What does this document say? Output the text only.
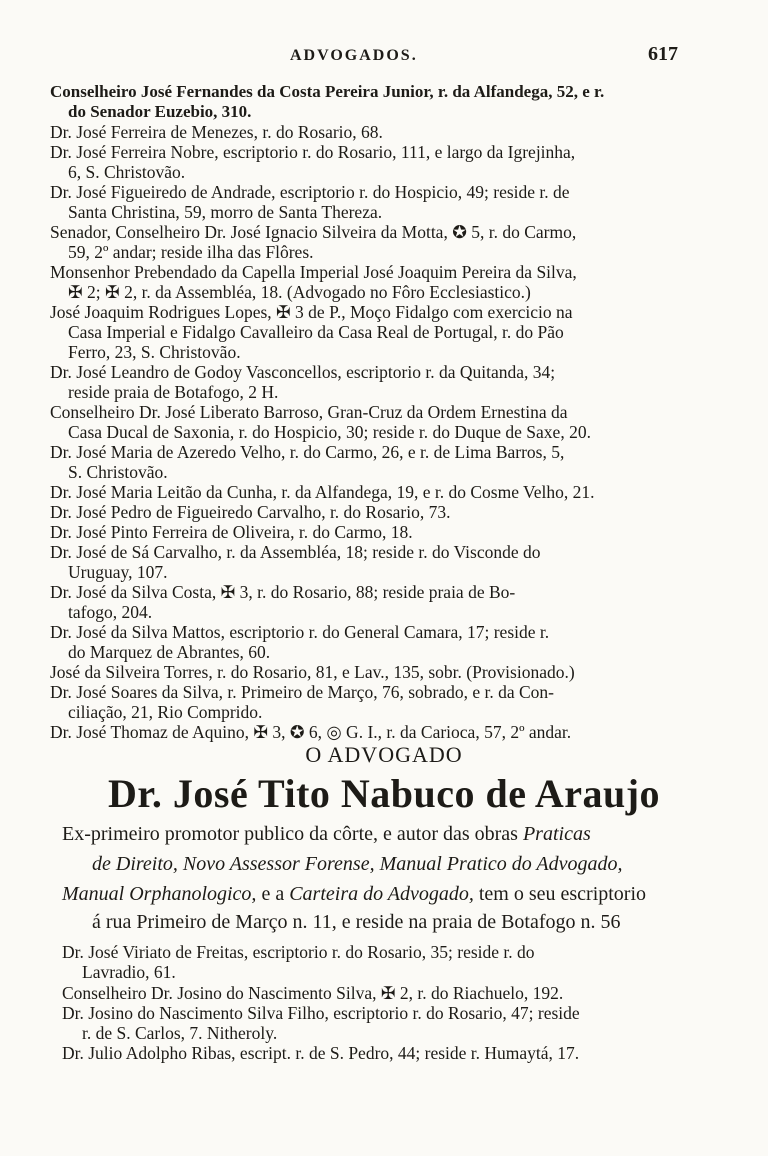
ADVOGADOS.	617
Conselheiro José Fernandes da Costa Pereira Junior, r. da Alfandega, 52, e r.
do Senador Euzebio, 310.
Dr. José Ferreira de Menezes, r. do Rosario, 68.
Dr. José Ferreira Nobre, escriptorio r. do Rosario, 111, e largo da Igrejinha,
6, S. Christovão.
Dr. José Figueiredo de Andrade, escriptorio r. do Hospicio, 49; reside r. de
Santa Christina, 59, morro de Santa Thereza.
Senador, Conselheiro Dr. José Ignacio Silveira da Motta, ✪ 5, r. do Carmo,
59, 2º andar; reside ilha das Flôres.
Monsenhor Prebendado da Capella Imperial José Joaquim Pereira da Silva,
✠ 2; ✠ 2, r. da Assembléa, 18. (Advogado no Fôro Ecclesiastico.)
José Joaquim Rodrigues Lopes, ✠ 3 de P., Moço Fidalgo com exercicio na
Casa Imperial e Fidalgo Cavalleiro da Casa Real de Portugal, r. do Pão
Ferro, 23, S. Christovão.
Dr. José Leandro de Godoy Vasconcellos, escriptorio r. da Quitanda, 34;
reside praia de Botafogo, 2 H.
Conselheiro Dr. José Liberato Barroso, Gran-Cruz da Ordem Ernestina da
Casa Ducal de Saxonia, r. do Hospicio, 30; reside r. do Duque de Saxe, 20.
Dr. José Maria de Azeredo Velho, r. do Carmo, 26, e r. de Lima Barros, 5,
S. Christovão.
Dr. José Maria Leitão da Cunha, r. da Alfandega, 19, e r. do Cosme Velho, 21.
Dr. José Pedro de Figueiredo Carvalho, r. do Rosario, 73.
Dr. José Pinto Ferreira de Oliveira, r. do Carmo, 18.
Dr. José de Sá Carvalho, r. da Assembléa, 18; reside r. do Visconde do
Uruguay, 107.
Dr. José da Silva Costa, ✠ 3, r. do Rosario, 88; reside praia de Bo-
tafogo, 204.
Dr. José da Silva Mattos, escriptorio r. do General Camara, 17; reside r.
do Marquez de Abrantes, 60.
José da Silveira Torres, r. do Rosario, 81, e Lav., 135, sobr. (Provisionado.)
Dr. José Soares da Silva, r. Primeiro de Março, 76, sobrado, e r. da Con-
ciliação, 21, Rio Comprido.
Dr. José Thomaz de Aquino, ✠ 3, ✪ 6, ◎ G. I., r. da Carioca, 57, 2º andar.
O ADVOGADO
Dr. José Tito Nabuco de Araujo
Ex-primeiro promotor publico da côrte, e autor das obras Praticas
de Direito, Novo Assessor Forense, Manual Pratico do Advogado,
Manual Orphanologico, e a Carteira do Advogado, tem o seu escriptorio
á rua Primeiro de Março n. 11, e reside na praia de Botafogo n. 56
Dr. José Viriato de Freitas, escriptorio r. do Rosario, 35; reside r. do
Lavradio, 61.
Conselheiro Dr. Josino do Nascimento Silva, ✠ 2, r. do Riachuelo, 192.
Dr. Josino do Nascimento Silva Filho, escriptorio r. do Rosario, 47; reside
r. de S. Carlos, 7. Nitheroly.
Dr. Julio Adolpho Ribas, escript. r. de S. Pedro, 44; reside r. Humaytá, 17.
